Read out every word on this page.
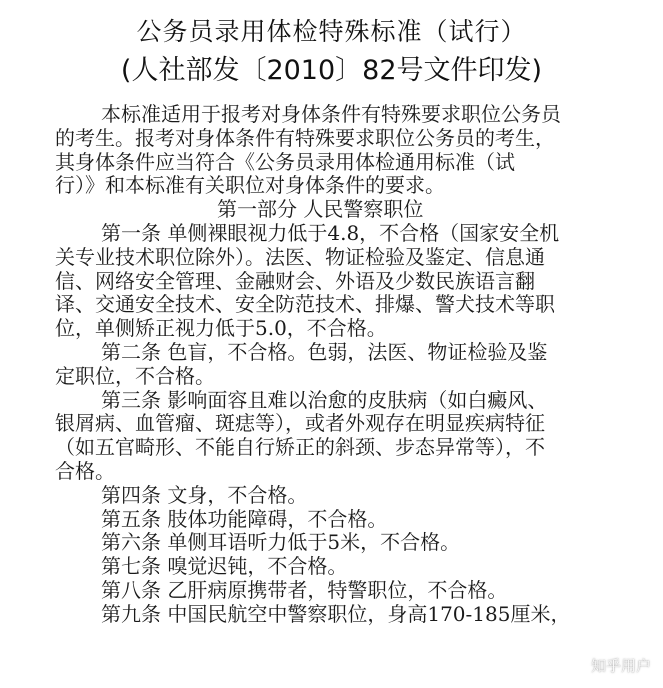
公务员录用体检特殊标准（试行）
(人社部发〔2010〕82号文件印发)
本标准适用于报考对身体条件有特殊要求职位公务员
的考生。报考对身体条件有特殊要求职位公务员的考生，
其身体条件应当符合《公务员录用体检通用标准（试
行）》和本标准有关职位对身体条件的要求。
第一部分 人民警察职位
第一条 单侧裸眼视力低于4.8，不合格（国家安全机
关专业技术职位除外）。法医、物证检验及鉴定、信息通
信、网络安全管理、金融财会、外语及少数民族语言翻
译、交通安全技术、安全防范技术、排爆、警犬技术等职
位，单侧矫正视力低于5.0，不合格。
第二条 色盲，不合格。色弱，法医、物证检验及鉴
定职位，不合格。
第三条 影响面容且难以治愈的皮肤病（如白癜风、
银屑病、血管瘤、斑痣等），或者外观存在明显疾病特征
（如五官畸形、不能自行矫正的斜颈、步态异常等），不
合格。
第四条 文身，不合格。
第五条 肢体功能障碍，不合格。
第六条 单侧耳语听力低于5米，不合格。
第七条 嗅觉迟钝，不合格。
第八条 乙肝病原携带者，特警职位，不合格。
第九条 中国民航空中警察职位，身高170-185厘米，
知乎用户
